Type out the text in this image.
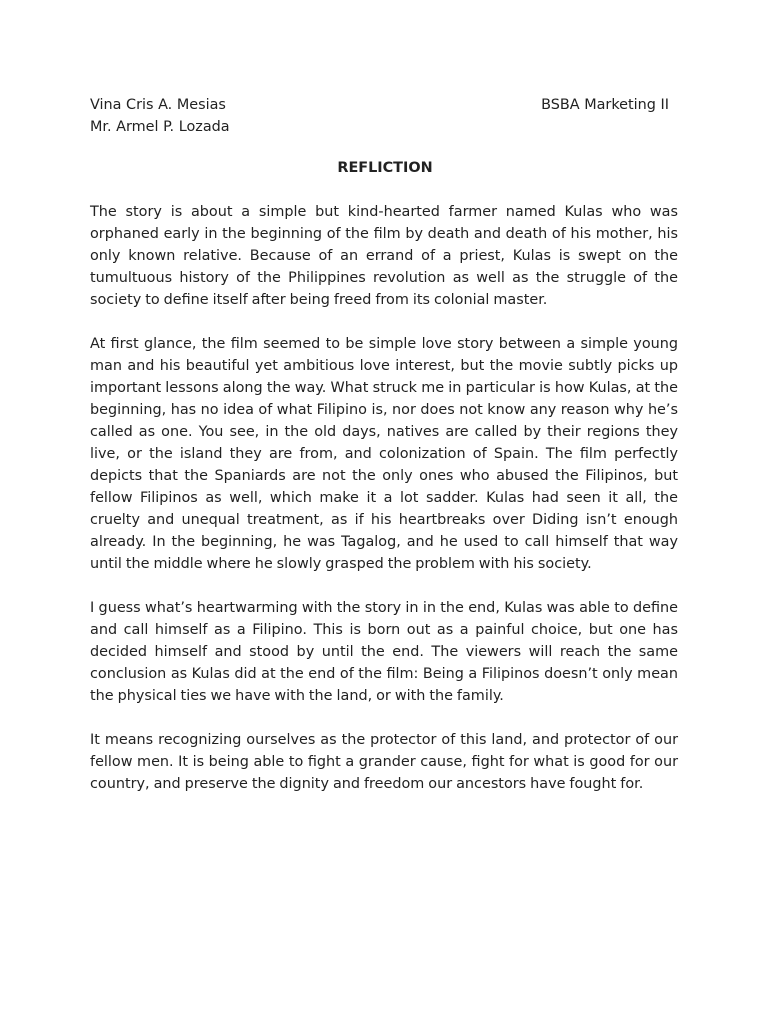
Vina Cris A. Mesias	BSBA Marketing II
Mr. Armel P. Lozada
REFLICTION

The story is about a simple but kind-hearted farmer named Kulas who was orphaned early in the beginning of the film by death and death of his mother, his only known relative. Because of an errand of a priest, Kulas is swept on the tumultuous history of the Philippines revolution as well as the struggle of the society to define itself after being freed from its colonial master.

At first glance, the film seemed to be simple love story between a simple young man and his beautiful yet ambitious love interest, but the movie subtly picks up important lessons along the way. What struck me in particular is how Kulas, at the beginning, has no idea of what Filipino is, nor does not know any reason why he’s called as one. You see, in the old days, natives are called by their regions they live, or the island they are from, and colonization of Spain. The film perfectly depicts that the Spaniards are not the only ones who abused the Filipinos, but fellow Filipinos as well, which make it a lot sadder. Kulas had seen it all, the cruelty and unequal treatment, as if his heartbreaks over Diding isn’t enough already. In the beginning, he was Tagalog, and he used to call himself that way until the middle where he slowly grasped the problem with his society.

I guess what’s heartwarming with the story in in the end, Kulas was able to define and call himself as a Filipino. This is born out as a painful choice, but one has decided himself and stood by until the end. The viewers will reach the same conclusion as Kulas did at the end of the film: Being a Filipinos doesn’t only mean the physical ties we have with the land, or with the family.

It means recognizing ourselves as the protector of this land, and protector of our fellow men. It is being able to fight a grander cause, fight for what is good for our country, and preserve the dignity and freedom our ancestors have fought for.
